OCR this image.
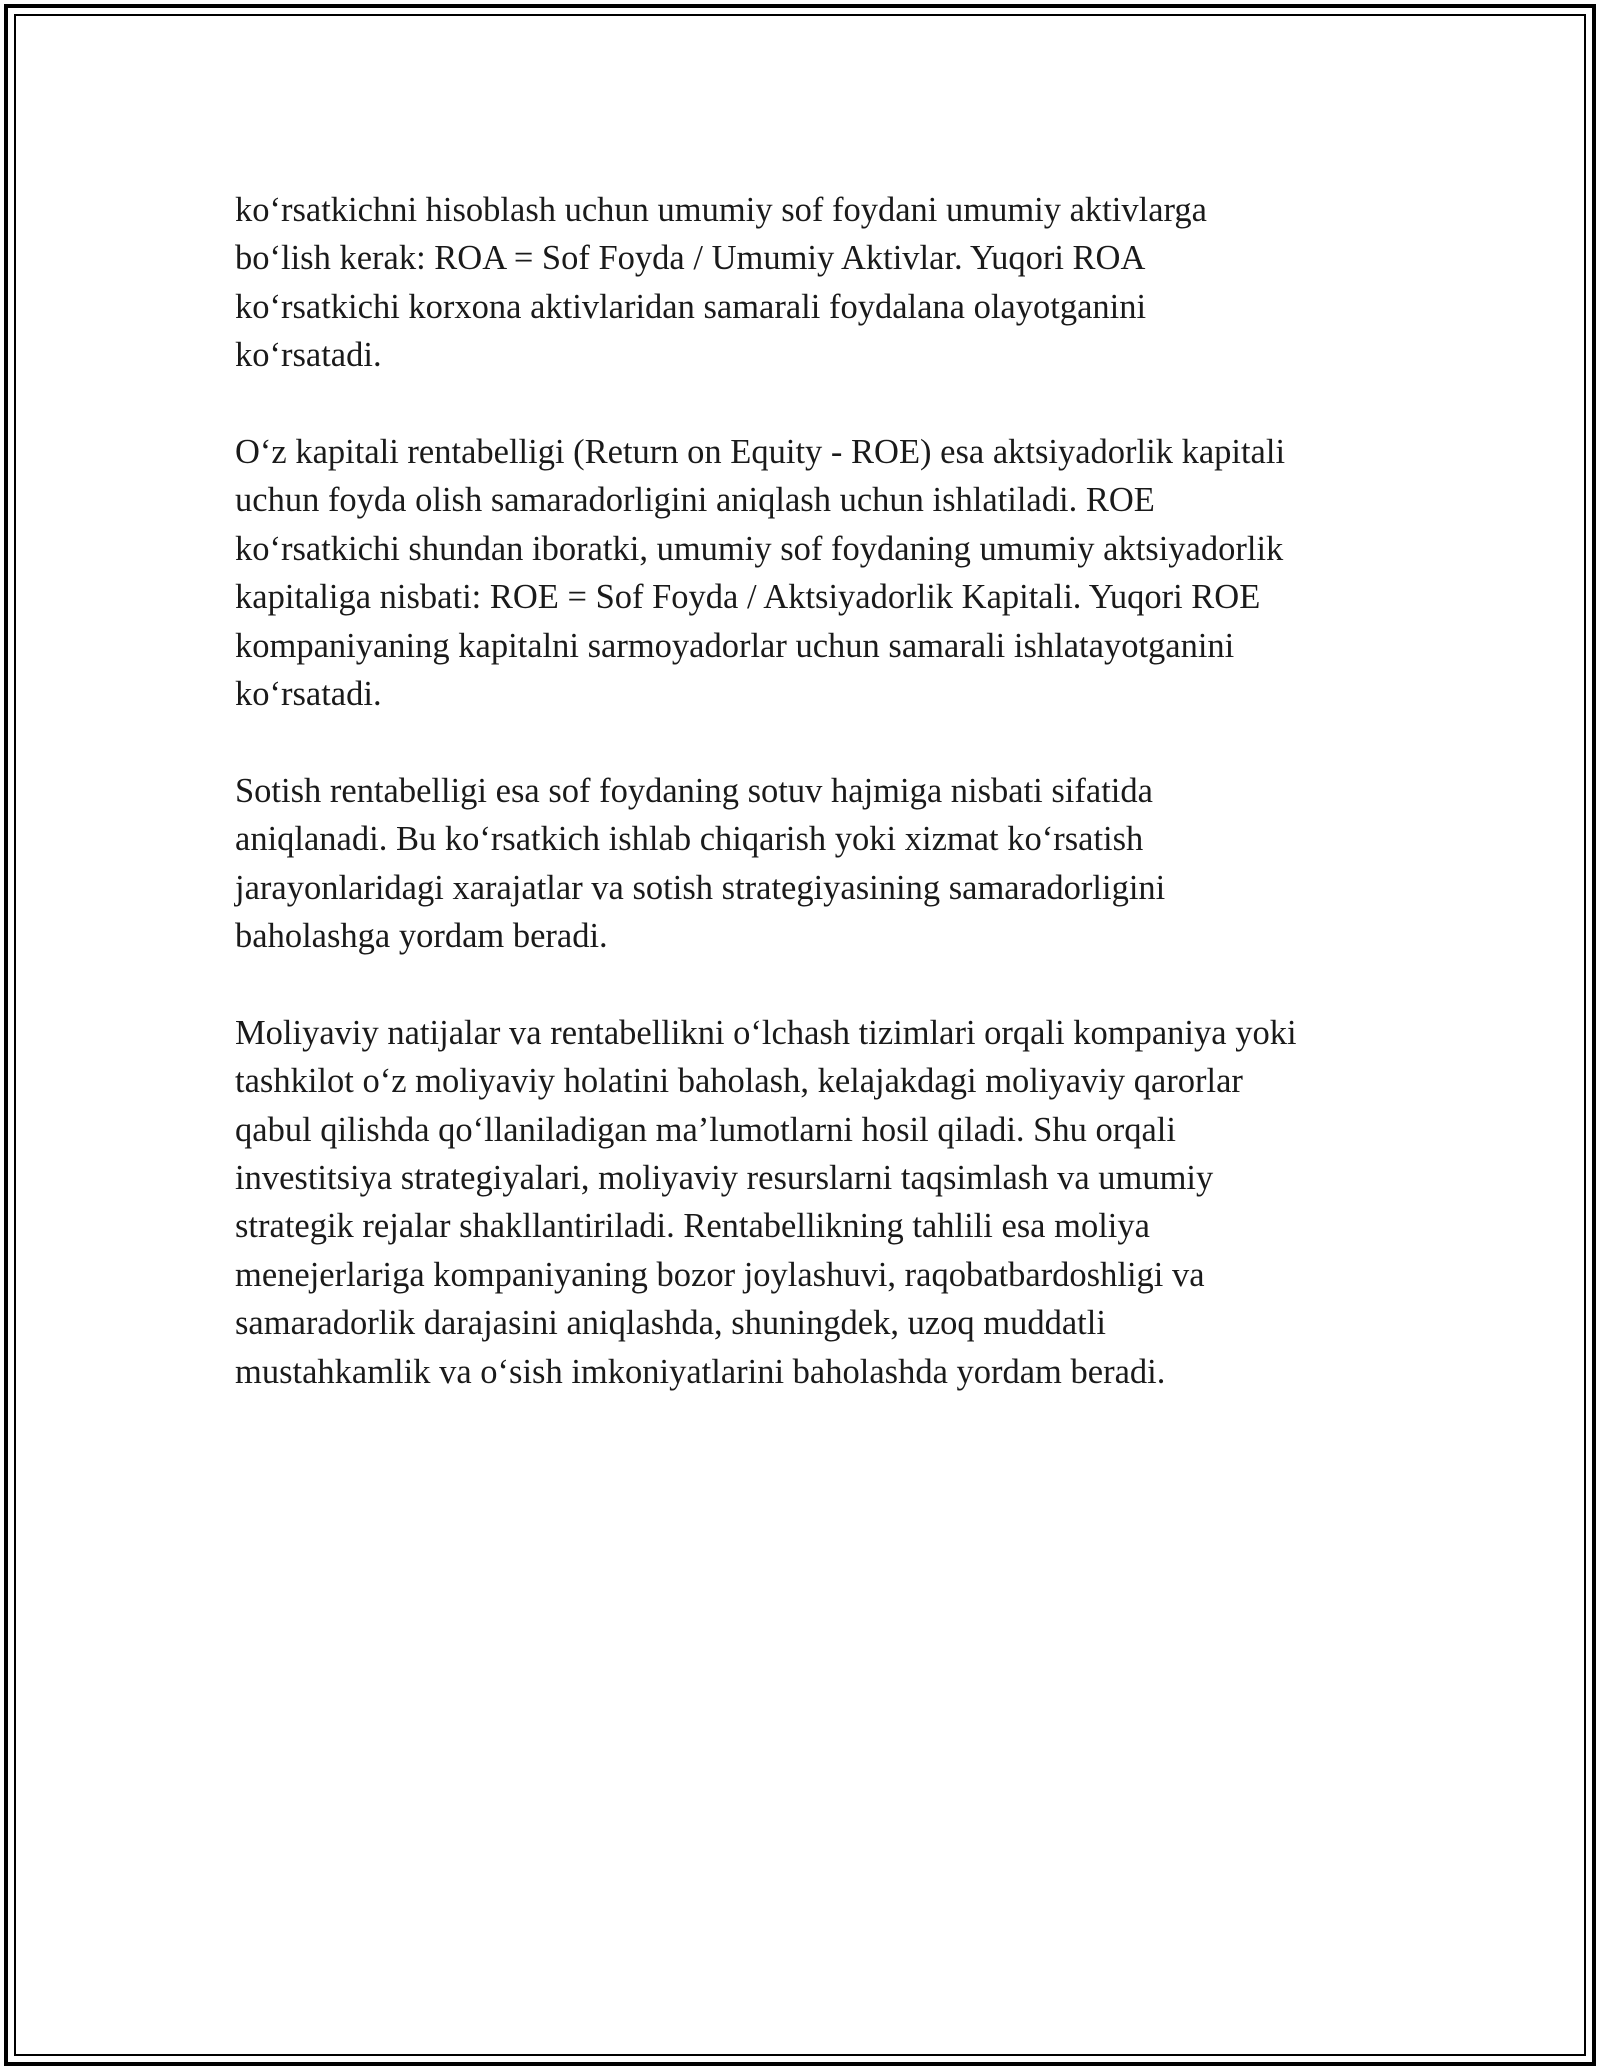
ko‘rsatkichni hisoblash uchun umumiy sof foydani umumiy aktivlarga
bo‘lish kerak: ROA = Sof Foyda / Umumiy Aktivlar. Yuqori ROA
ko‘rsatkichi korxona aktivlaridan samarali foydalana olayotganini
ko‘rsatadi.

O‘z kapitali rentabelligi (Return on Equity - ROE) esa aktsiyadorlik kapitali
uchun foyda olish samaradorligini aniqlash uchun ishlatiladi. ROE
ko‘rsatkichi shundan iboratki, umumiy sof foydaning umumiy aktsiyadorlik
kapitaliga nisbati: ROE = Sof Foyda / Aktsiyadorlik Kapitali. Yuqori ROE
kompaniyaning kapitalni sarmoyadorlar uchun samarali ishlatayotganini
ko‘rsatadi.

Sotish rentabelligi esa sof foydaning sotuv hajmiga nisbati sifatida
aniqlanadi. Bu ko‘rsatkich ishlab chiqarish yoki xizmat ko‘rsatish
jarayonlaridagi xarajatlar va sotish strategiyasining samaradorligini
baholashga yordam beradi.

Moliyaviy natijalar va rentabellikni o‘lchash tizimlari orqali kompaniya yoki
tashkilot o‘z moliyaviy holatini baholash, kelajakdagi moliyaviy qarorlar
qabul qilishda qo‘llaniladigan ma’lumotlarni hosil qiladi. Shu orqali
investitsiya strategiyalari, moliyaviy resurslarni taqsimlash va umumiy
strategik rejalar shakllantiriladi. Rentabellikning tahlili esa moliya
menejerlariga kompaniyaning bozor joylashuvi, raqobatbardoshligi va
samaradorlik darajasini aniqlashda, shuningdek, uzoq muddatli
mustahkamlik va o‘sish imkoniyatlarini baholashda yordam beradi.
